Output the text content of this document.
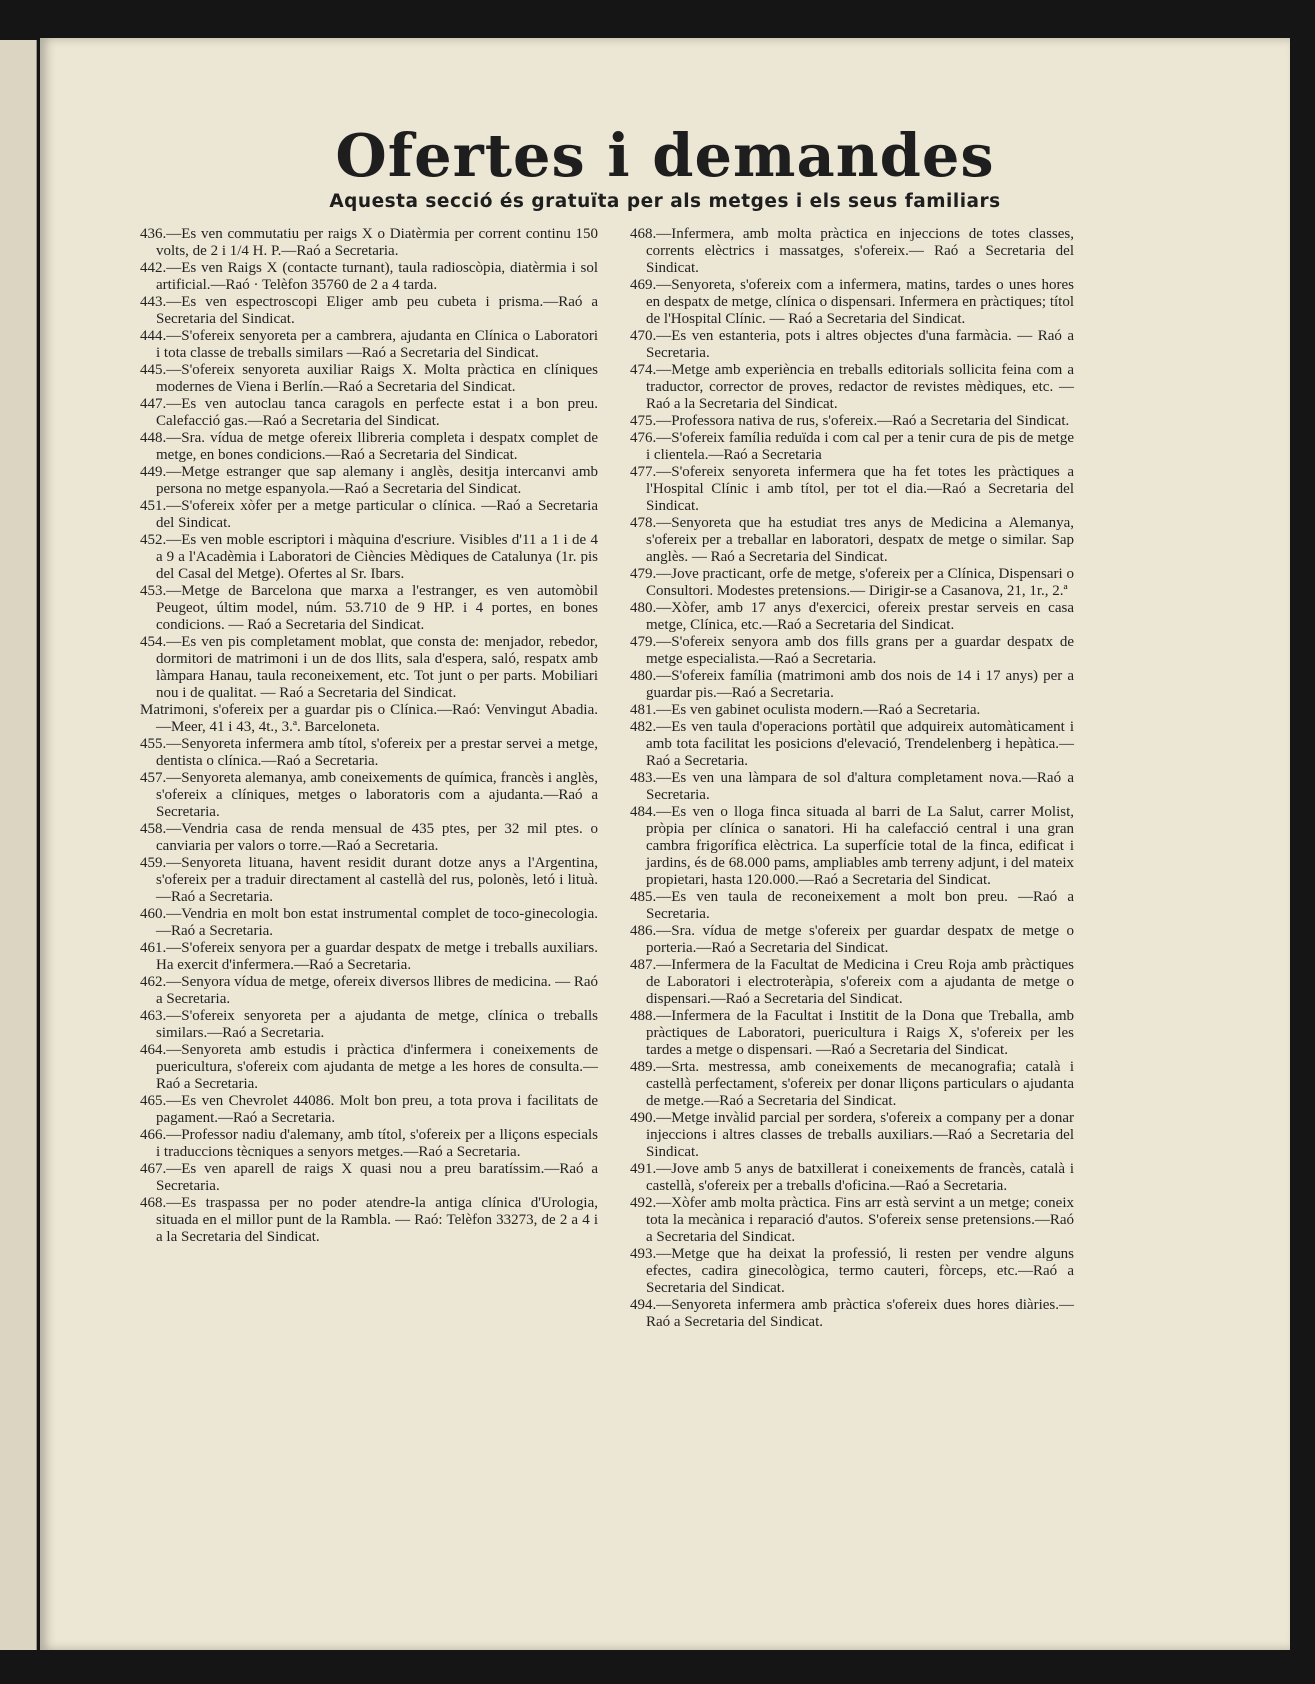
Ofertes i demandes
Aquesta secció és gratuïta per als metges i els seus familiars

436.—Es ven commutatiu per raigs X o Diatèrmia per corrent continu 150 volts, de 2 i 1/4 H. P.—Raó a Secretaria.

442.—Es ven Raigs X (contacte turnant), taula radioscòpia, diatèrmia i sol artificial.—Raó · Telèfon 35760 de 2 a 4 tarda.

443.—Es ven espectroscopi Eliger amb peu cubeta i prisma.—Raó a Secretaria del Sindicat.

444.—S'ofereix senyoreta per a cambrera, ajudanta en Clínica o Laboratori i tota classe de treballs similars —Raó a Secretaria del Sindicat.

445.—S'ofereix senyoreta auxiliar Raigs X. Molta pràctica en clíniques modernes de Viena i Berlín.—Raó a Secretaria del Sindicat.

447.—Es ven autoclau tanca caragols en perfecte estat i a bon preu. Calefacció gas.—Raó a Secretaria del Sindicat.

448.—Sra. vídua de metge ofereix llibreria completa i despatx complet de metge, en bones condicions.—Raó a Secretaria del Sindicat.

449.—Metge estranger que sap alemany i anglès, desitja intercanvi amb persona no metge espanyola.—Raó a Secretaria del Sindicat.

451.—S'ofereix xòfer per a metge particular o clínica. —Raó a Secretaria del Sindicat.

452.—Es ven moble escriptori i màquina d'escriure. Visibles d'11 a 1 i de 4 a 9 a l'Acadèmia i Laboratori de Ciències Mèdiques de Catalunya (1r. pis del Casal del Metge). Ofertes al Sr. Ibars.

453.—Metge de Barcelona que marxa a l'estranger, es ven automòbil Peugeot, últim model, núm. 53.710 de 9 HP. i 4 portes, en bones condicions. — Raó a Secretaria del Sindicat.

454.—Es ven pis completament moblat, que consta de: menjador, rebedor, dormitori de matrimoni i un de dos llits, sala d'espera, saló, respatx amb làmpara Hanau, taula reconeixement, etc. Tot junt o per parts. Mobiliari nou i de qualitat. — Raó a Secretaria del Sindicat.

Matrimoni, s'ofereix per a guardar pis o Clínica.—Raó: Venvingut Abadia.—Meer, 41 i 43, 4t., 3.ª. Barceloneta.

455.—Senyoreta infermera amb títol, s'ofereix per a prestar servei a metge, dentista o clínica.—Raó a Secretaria.

457.—Senyoreta alemanya, amb coneixements de química, francès i anglès, s'ofereix a clíniques, metges o laboratoris com a ajudanta.—Raó a Secretaria.

458.—Vendria casa de renda mensual de 435 ptes, per 32 mil ptes. o canviaria per valors o torre.—Raó a Secretaria.

459.—Senyoreta lituana, havent residit durant dotze anys a l'Argentina, s'ofereix per a traduir directament al castellà del rus, polonès, letó i lituà.—Raó a Secretaria.

460.—Vendria en molt bon estat instrumental complet de toco-ginecologia.—Raó a Secretaria.

461.—S'ofereix senyora per a guardar despatx de metge i treballs auxiliars. Ha exercit d'infermera.—Raó a Secretaria.

462.—Senyora vídua de metge, ofereix diversos llibres de medicina. — Raó a Secretaria.

463.—S'ofereix senyoreta per a ajudanta de metge, clínica o treballs similars.—Raó a Secretaria.

464.—Senyoreta amb estudis i pràctica d'infermera i coneixements de puericultura, s'ofereix com ajudanta de metge a les hores de consulta.—Raó a Secretaria.

465.—Es ven Chevrolet 44086. Molt bon preu, a tota prova i facilitats de pagament.—Raó a Secretaria.

466.—Professor nadiu d'alemany, amb títol, s'ofereix per a lliçons especials i traduccions tècniques a senyors metges.—Raó a Secretaria.

467.—Es ven aparell de raigs X quasi nou a preu baratíssim.—Raó a Secretaria.

468.—Es traspassa per no poder atendre-la antiga clínica d'Urologia, situada en el millor punt de la Rambla. — Raó: Telèfon 33273, de 2 a 4 i a la Secretaria del Sindicat.

468.—Infermera, amb molta pràctica en injeccions de totes classes, corrents elèctrics i massatges, s'ofereix.— Raó a Secretaria del Sindicat.

469.—Senyoreta, s'ofereix com a infermera, matins, tardes o unes hores en despatx de metge, clínica o dispensari. Infermera en pràctiques; títol de l'Hospital Clínic. — Raó a Secretaria del Sindicat.

470.—Es ven estanteria, pots i altres objectes d'una farmàcia. — Raó a Secretaria.

474.—Metge amb experiència en treballs editorials sollicita feina com a traductor, corrector de proves, redactor de revistes mèdiques, etc. — Raó a la Secretaria del Sindicat.

475.—Professora nativa de rus, s'ofereix.—Raó a Secretaria del Sindicat.

476.—S'ofereix família reduïda i com cal per a tenir cura de pis de metge i clientela.—Raó a Secretaria

477.—S'ofereix senyoreta infermera que ha fet totes les pràctiques a l'Hospital Clínic i amb títol, per tot el dia.—Raó a Secretaria del Sindicat.

478.—Senyoreta que ha estudiat tres anys de Medicina a Alemanya, s'ofereix per a treballar en laboratori, despatx de metge o similar. Sap anglès. — Raó a Secretaria del Sindicat.

479.—Jove practicant, orfe de metge, s'ofereix per a Clínica, Dispensari o Consultori. Modestes pretensions.— Dirigir-se a Casanova, 21, 1r., 2.ª

480.—Xòfer, amb 17 anys d'exercici, ofereix prestar serveis en casa metge, Clínica, etc.—Raó a Secretaria del Sindicat.

479.—S'ofereix senyora amb dos fills grans per a guardar despatx de metge especialista.—Raó a Secretaria.

480.—S'ofereix família (matrimoni amb dos nois de 14 i 17 anys) per a guardar pis.—Raó a Secretaria.

481.—Es ven gabinet oculista modern.—Raó a Secretaria.

482.—Es ven taula d'operacions portàtil que adquireix automàticament i amb tota facilitat les posicions d'elevació, Trendelenberg i hepàtica.—Raó a Secretaria.

483.—Es ven una làmpara de sol d'altura completament nova.—Raó a Secretaria.

484.—Es ven o lloga finca situada al barri de La Salut, carrer Molist, pròpia per clínica o sanatori. Hi ha calefacció central i una gran cambra frigorífica elèctrica. La superfície total de la finca, edificat i jardins, és de 68.000 pams, ampliables amb terreny adjunt, i del mateix propietari, hasta 120.000.—Raó a Secretaria del Sindicat.

485.—Es ven taula de reconeixement a molt bon preu. —Raó a Secretaria.

486.—Sra. vídua de metge s'ofereix per guardar despatx de metge o porteria.—Raó a Secretaria del Sindicat.

487.—Infermera de la Facultat de Medicina i Creu Roja amb pràctiques de Laboratori i electroteràpia, s'ofereix com a ajudanta de metge o dispensari.—Raó a Secretaria del Sindicat.

488.—Infermera de la Facultat i Institit de la Dona que Treballa, amb pràctiques de Laboratori, puericultura i Raigs X, s'ofereix per les tardes a metge o dispensari. —Raó a Secretaria del Sindicat.

489.—Srta. mestressa, amb coneixements de mecanografia; català i castellà perfectament, s'ofereix per donar lliçons particulars o ajudanta de metge.—Raó a Secretaria del Sindicat.

490.—Metge invàlid parcial per sordera, s'ofereix a company per a donar injeccions i altres classes de treballs auxiliars.—Raó a Secretaria del Sindicat.

491.—Jove amb 5 anys de batxillerat i coneixements de francès, català i castellà, s'ofereix per a treballs d'oficina.—Raó a Secretaria.

492.—Xòfer amb molta pràctica. Fins arr està servint a un metge; coneix tota la mecànica i reparació d'autos. S'ofereix sense pretensions.—Raó a Secretaria del Sindicat.

493.—Metge que ha deixat la professió, li resten per vendre alguns efectes, cadira ginecològica, termo cauteri, fòrceps, etc.—Raó a Secretaria del Sindicat.

494.—Senyoreta infermera amb pràctica s'ofereix dues hores diàries.—Raó a Secretaria del Sindicat.
